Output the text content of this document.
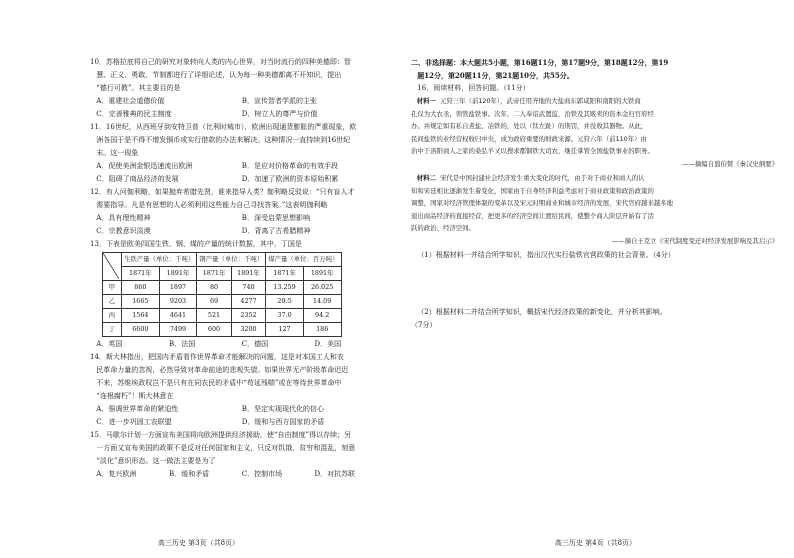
10．苏格拉底将自己的研究对象转向人类的内心世界，对当时流行的四种美德即：智

慧、正义、勇敢、节制都进行了详细论述，认为每一种美德都离不开知识，提出

“德行可教”。其主要目的是

A．重建社会道德价值	B．宣传智者学派的主张
C．完善雅典的民主制度	D．树立人的尊严与价值

11．16世纪，从西班牙到安特卫普（比利时城市），欧洲出现通货膨胀的严重现象，欧

洲各国于是不得不增发铜币或实行借款的办法来解决。这种情况一直持续到16世纪

末。这一现象

A．促使美洲金银迅速流出欧洲	B．是应对价格革命的有效手段
C．阻碍了商品经济的发展	D．加速了欧洲的资本原始积累

12．有人问伽利略，如果抛弃希腊先贤，谁来指导人类？伽利略反驳说：“只有盲人才

需要指导。凡是有思想的人必须利用这些能力自己寻找答案。”这表明伽利略

A．具有理性精神	B．深受启蒙思想影响
C．宗教意识淡漠	D．背离了古希腊精神

13．下表是欧美四国生铁、钢、煤的产量的统计数据，其中，丁国是

	生铁产量（单位：千吨）		钢产量（单位：千吨）		煤产量（单位：百万吨）	
	1871年	1891年	1871年	1891年	1871年	1891年
甲	860	1897	80	740	13.259	26.025
乙	1665	9203	69	4277	29.5	14.09
丙	1564	4641	521	2352	37.0	94.2
丁	6600	7499	600	3200	127	186
A．英国	B．法国	C．德国	D．美国

14．斯大林指出，把国内矛盾看作世界革命才能解决的问题，这是对本国工人和农

民革命力量的忽视，必然导致对革命前途的悲观失望。如果世界无产阶级革命迟迟

不来，苏维埃政权岂不是只有在同农民的矛盾中“苟延残喘”或在等待世界革命中

“连根腐朽”！斯大林意在

A．强调世界革命的紧迫性	B．坚定实现现代化的信心
C．进一步巩固工农联盟	D．缓和与西方国家的矛盾

15．马歇尔计划一方面宣布美国将向欧洲提供经济援助，使“自由制度”得以存续；另

一方面又宣布美国的政策不是反对任何国家和主义，只反对饥饿、贫穷和混乱，刻意

“淡化”意识形态。这一做法主要是为了

A．复兴欧洲	B．缓和矛盾	C．控制市场	D．对抗苏联
高三历史 第3页（共8页）

二、非选择题：本大题共5小题，第16题11分，第17题9分，第18题12分，第19

题12分，第20题11分，第21题10分，共55分。

16．阅读材料，回答问题。（11分）

材料一 元狩三年（前120年），武帝任用齐地的大盐商东郭咸阳和南阳的大铁商

孔仅为大农丞，领管盐铁事。次年，二人奉诏武置监，治铁及其贩卖的资本金归官府经

办。并规定如有私自煮盐、冶铁的，处以（钛左趾）的刑罚，并没收其器物。从此，

民间盐铁的业经营权收归中央，成为政府重要的财政来源。元狩六年（前110年）由

治中于洛阳商人之家的桑弘羊又以搜求郡铜铁大司农，继任掌管全国盐铁事业的职务。

——摘编自翦伯赞《秦汉史纲要》

材料二 宋代是中国封建社会经济发生重大变化的时代，由于对于商业和商人的认

知和宋廷相比逐渐发生着变化，国家由于自身经济利益考虑对于商业政策和政治政策的

调整，国家对经济管理体制的变革以及宋元时期商业和城市经济的发展，宋代官府越来越多地

退出商品经济的直接经营，把更多的经济空间让渡给民间，使整个商人阶层开始有了活

跃的政治、经济空间。

——摘自王克立《宋代制度变迁对经济发展影响及其启示》

（1）根据材料一并结合所学知识，指出汉代实行盐铁官营政策的社会背景。（4分）

（2）根据材料二并结合所学知识，概括宋代经济政策的新变化，并分析其影响。

（7分）

高三历史 第4页（共8页）
